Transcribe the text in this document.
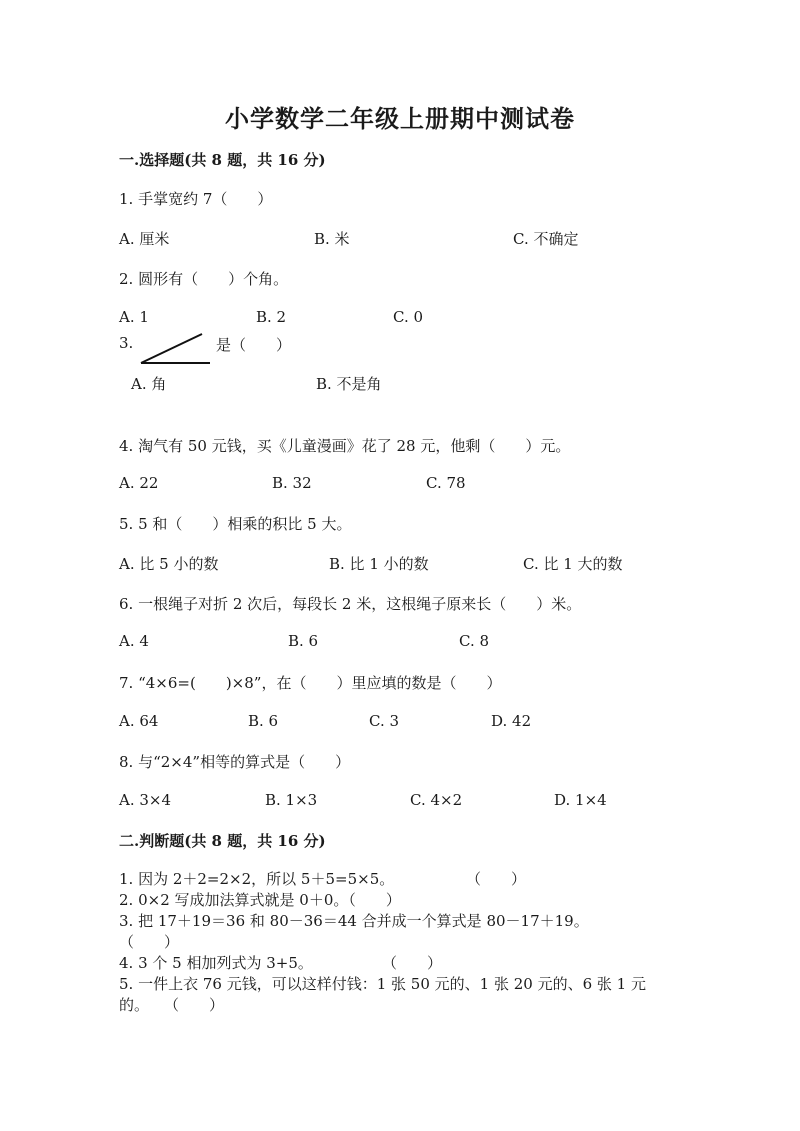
小学数学二年级上册期中测试卷
一.选择题(共 8 题，共 16 分)
1. 手掌宽约 7（　　）
A. 厘米	B. 米	C. 不确定
2. 圆形有（　　）个角。
A. 1	B. 2	C. 0
3.	是（　　）
A. 角	B. 不是角
4. 淘气有 50 元钱，买《儿童漫画》花了 28 元，他剩（　　）元。
A. 22	B. 32	C. 78
5. 5 和（　　）相乘的积比 5 大。
A. 比 5 小的数	B. 比 1 小的数	C. 比 1 大的数
6. 一根绳子对折 2 次后，每段长 2 米，这根绳子原来长（　　）米。
A. 4	B. 6	C. 8
7. “4×6=(　　)×8”，在（　　）里应填的数是（　　）
A. 64	B. 6	C. 3	D. 42
8. 与“2×4”相等的算式是（　　）
A. 3×4	B. 1×3	C. 4×2	D. 1×4
二.判断题(共 8 题，共 16 分)
1. 因为 2＋2=2×2，所以 5＋5=5×5。	（　　）
2. 0×2 写成加法算式就是 0＋0。（　　）
3. 把 17＋19＝36 和 80－36＝44 合并成一个算式是 80－17＋19。
（　　）
4. 3 个 5 相加列式为 3+5。	（　　）
5. 一件上衣 76 元钱，可以这样付钱：1 张 50 元的、1 张 20 元的、6 张 1 元
的。　　（　　）
